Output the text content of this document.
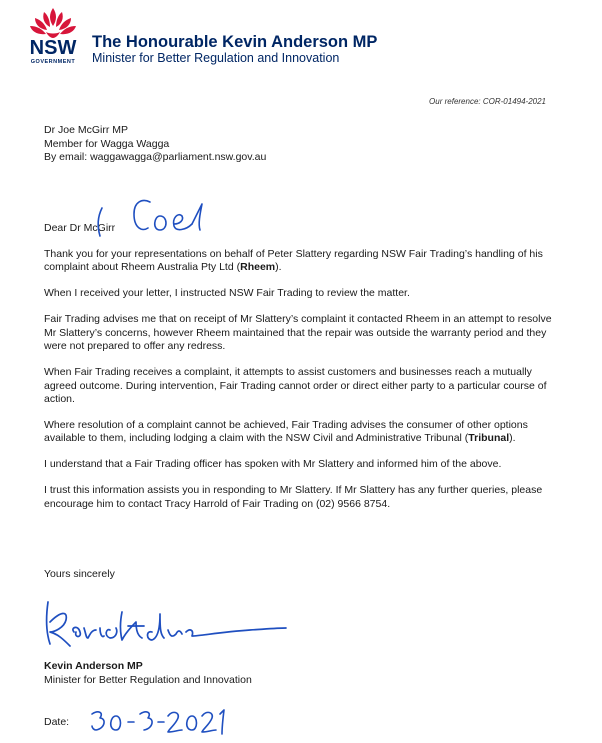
NSW
GOVERNMENT
The Honourable Kevin Anderson MP
Minister for Better Regulation and Innovation
Our reference: COR-01494-2021
Dr Joe McGirr MP
Member for Wagga Wagga
By email: waggawagga@parliament.nsw.gov.au
Dear Dr McGirr

Thank you for your representations on behalf of Peter Slattery regarding NSW Fair Trading’s handling of his complaint about Rheem Australia Pty Ltd (Rheem).

When I received your letter, I instructed NSW Fair Trading to review the matter.

Fair Trading advises me that on receipt of Mr Slattery’s complaint it contacted Rheem in an attempt to resolve Mr Slattery’s concerns, however Rheem maintained that the repair was outside the warranty period and they were not prepared to offer any redress.

When Fair Trading receives a complaint, it attempts to assist customers and businesses reach a mutually agreed outcome. During intervention, Fair Trading cannot order or direct either party to a particular course of action.

Where resolution of a complaint cannot be achieved, Fair Trading advises the consumer of other options available to them, including lodging a claim with the NSW Civil and Administrative Tribunal (Tribunal).

I understand that a Fair Trading officer has spoken with Mr Slattery and informed him of the above.

I trust this information assists you in responding to Mr Slattery. If Mr Slattery has any further queries, please encourage him to contact Tracy Harrold of Fair Trading on (02) 9566 8754.

Yours sincerely
Kevin Anderson MP
Minister for Better Regulation and Innovation
Date:
